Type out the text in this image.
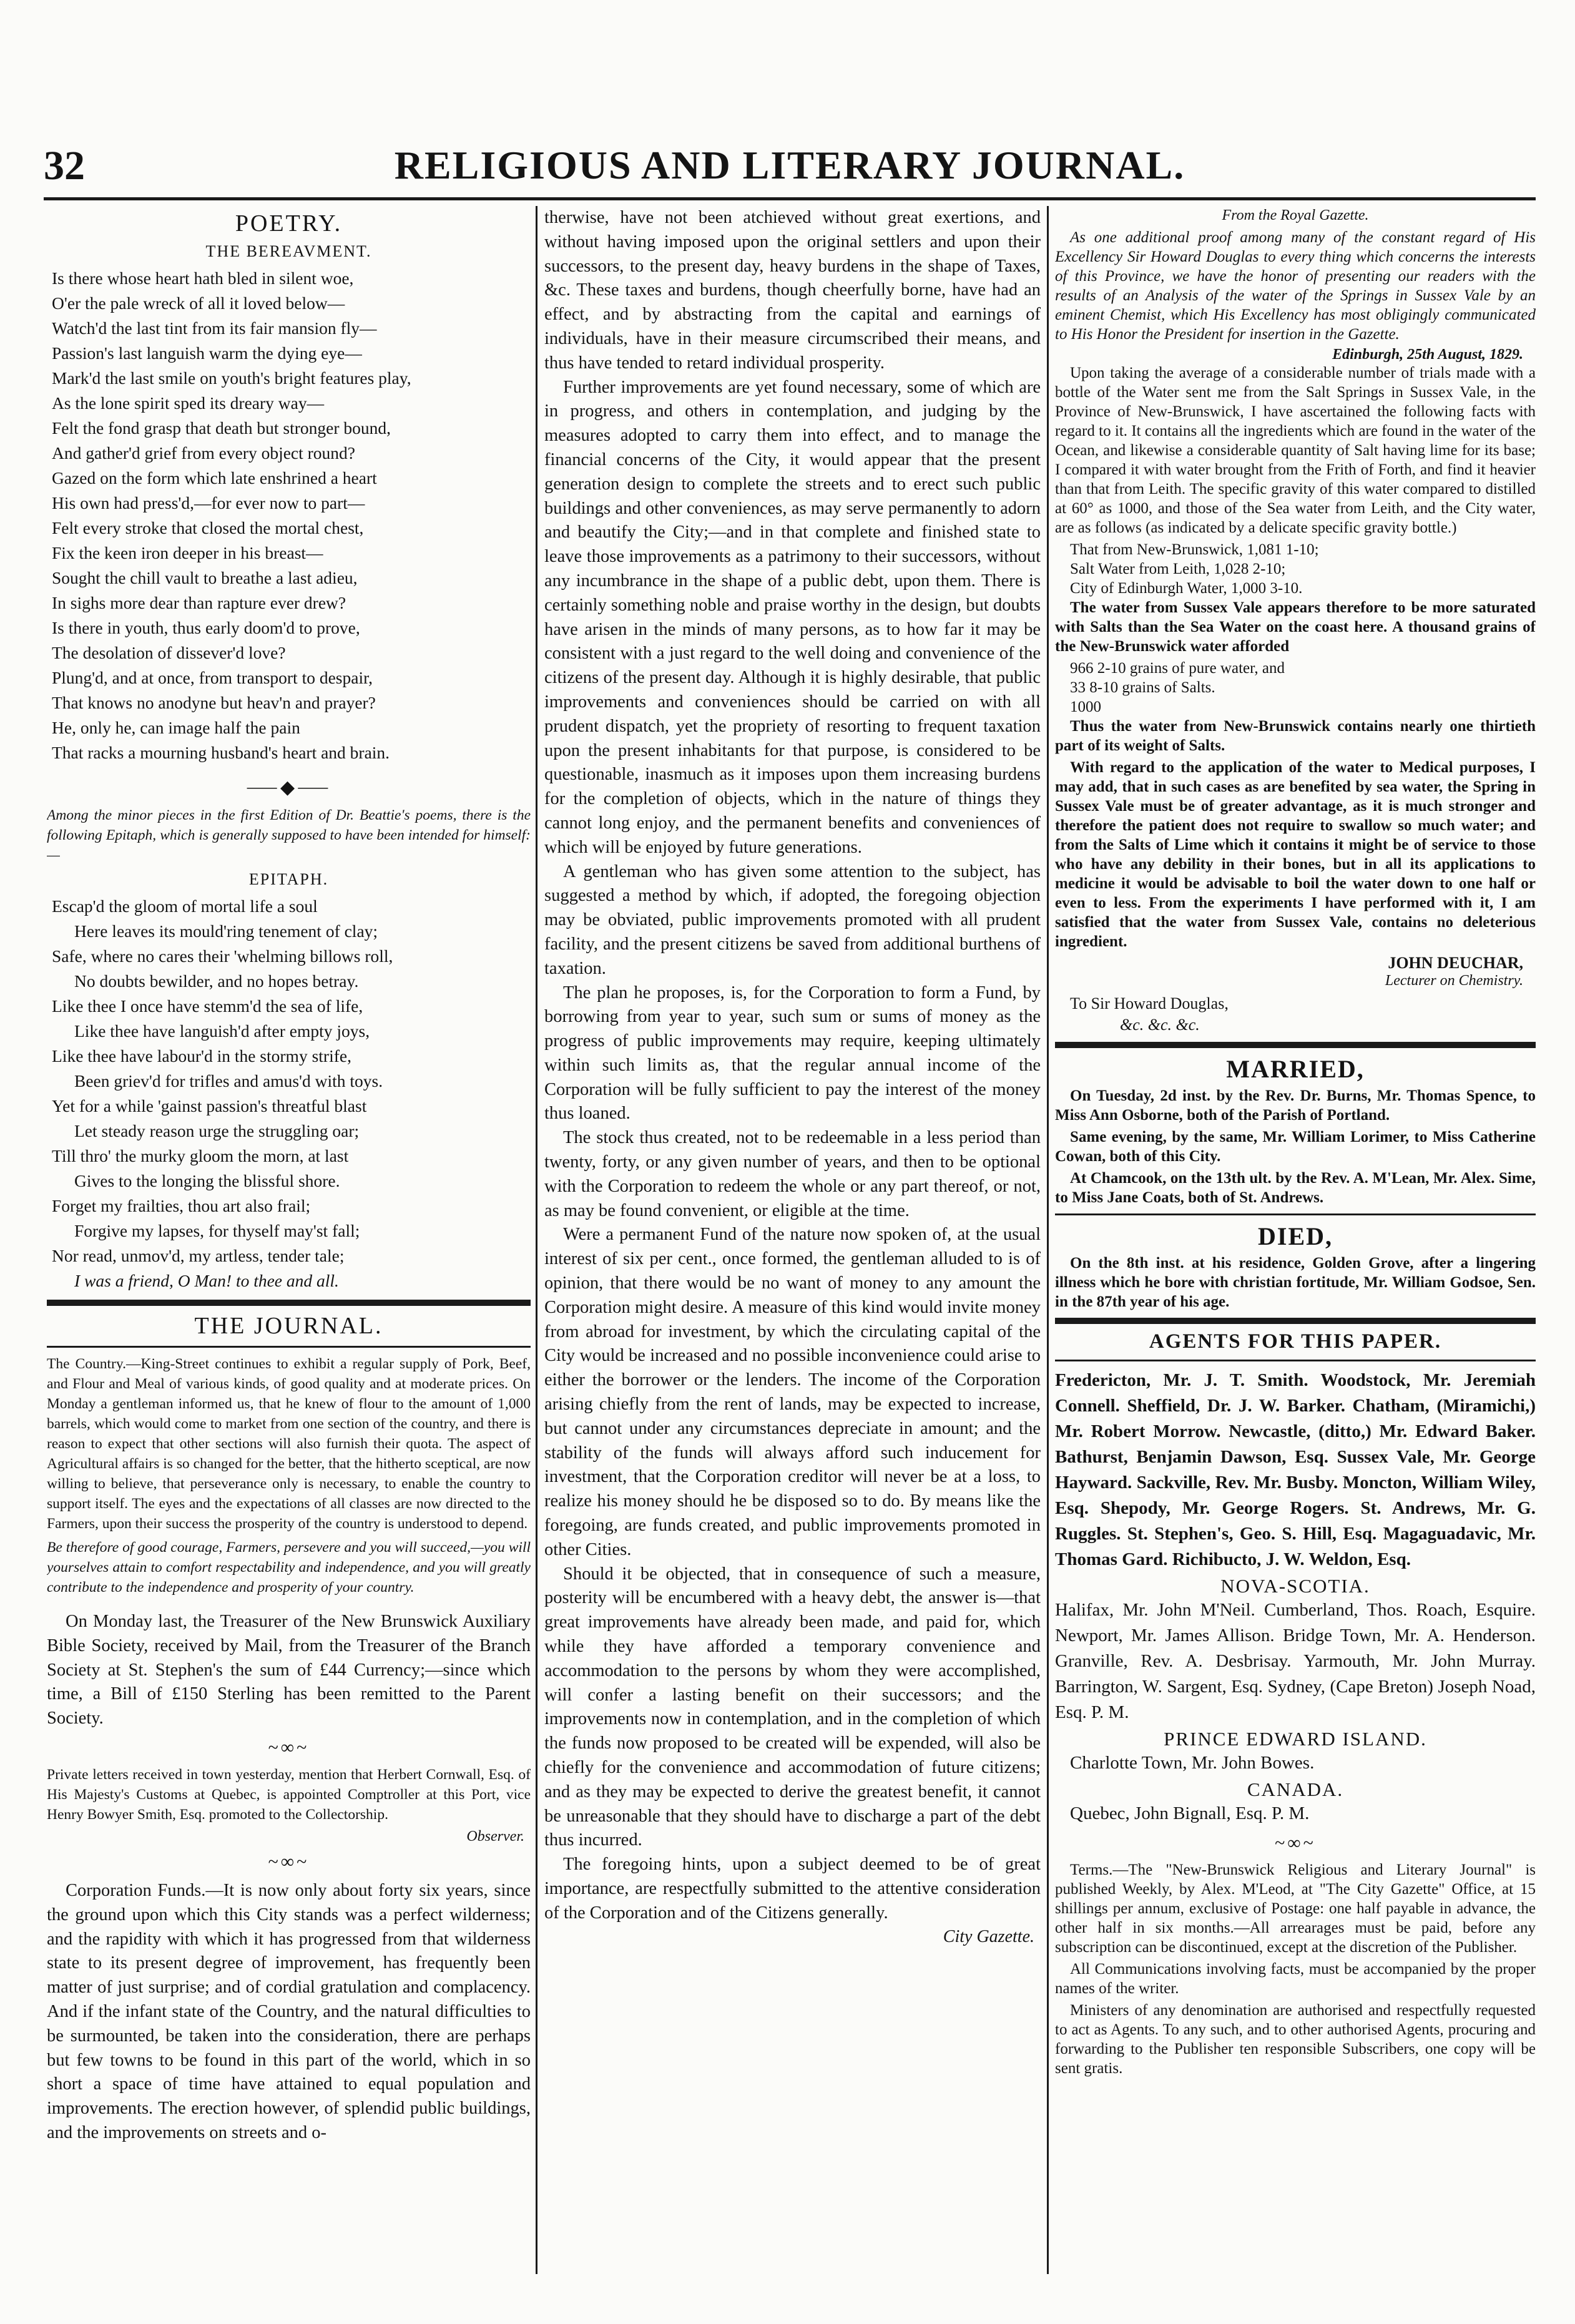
32	RELIGIOUS AND LITERARY JOURNAL.
POETRY.
THE BEREAVMENT.
Is there whose heart hath bled in silent woe,
O'er the pale wreck of all it loved below—
Watch'd the last tint from its fair mansion fly—
Passion's last languish warm the dying eye—
Mark'd the last smile on youth's bright features play,
As the lone spirit sped its dreary way—
Felt the fond grasp that death but stronger bound,
And gather'd grief from every object round?
Gazed on the form which late enshrined a heart
His own had press'd,—for ever now to part—
Felt every stroke that closed the mortal chest,
Fix the keen iron deeper in his breast—
Sought the chill vault to breathe a last adieu,
In sighs more dear than rapture ever drew?
Is there in youth, thus early doom'd to prove,
The desolation of dissever'd love?
Plung'd, and at once, from transport to despair,
That knows no anodyne but heav'n and prayer?
He, only he, can image half the pain
That racks a mourning husband's heart and brain.
⸺◆⸺

Among the minor pieces in the first Edition of Dr. Beattie's poems, there is the following Epitaph, which is generally supposed to have been intended for himself:—

EPITAPH.
Escap'd the gloom of mortal life a soul
Here leaves its mould'ring tenement of clay;
Safe, where no cares their 'whelming billows roll,
No doubts bewilder, and no hopes betray.
Like thee I once have stemm'd the sea of life,
Like thee have languish'd after empty joys,
Like thee have labour'd in the stormy strife,
Been griev'd for trifles and amus'd with toys.
Yet for a while 'gainst passion's threatful blast
Let steady reason urge the struggling oar;
Till thro' the murky gloom the morn, at last
Gives to the longing the blissful shore.
Forget my frailties, thou art also frail;
Forgive my lapses, for thyself may'st fall;
Nor read, unmov'd, my artless, tender tale;
I was a friend, O Man! to thee and all.
THE JOURNAL.

The Country.—King-Street continues to exhibit a regular supply of Pork, Beef, and Flour and Meal of various kinds, of good quality and at moderate prices. On Monday a gentleman informed us, that he knew of flour to the amount of 1,000 barrels, which would come to market from one section of the country, and there is reason to expect that other sections will also furnish their quota. The aspect of Agricultural affairs is so changed for the better, that the hitherto sceptical, are now willing to believe, that perseverance only is necessary, to enable the country to support itself. The eyes and the expectations of all classes are now directed to the Farmers, upon their success the prosperity of the country is understood to depend.

Be therefore of good courage, Farmers, persevere and you will succeed,—you will yourselves attain to comfort respectability and independence, and you will greatly contribute to the independence and prosperity of your country.

On Monday last, the Treasurer of the New Brunswick Auxiliary Bible Society, received by Mail, from the Treasurer of the Branch Society at St. Stephen's the sum of £44 Currency;—since which time, a Bill of £150 Sterling has been remitted to the Parent Society.

~∞~

Private letters received in town yesterday, mention that Herbert Cornwall, Esq. of His Majesty's Customs at Quebec, is appointed Comptroller at this Port, vice Henry Bowyer Smith, Esq. promoted to the Collectorship.

Observer.
~∞~

Corporation Funds.—It is now only about forty six years, since the ground upon which this City stands was a perfect wilderness; and the rapidity with which it has progressed from that wilderness state to its present degree of improvement, has frequently been matter of just surprise; and of cordial gratulation and complacency. And if the infant state of the Country, and the natural difficulties to be surmounted, be taken into the consideration, there are perhaps but few towns to be found in this part of the world, which in so short a space of time have attained to equal population and improvements. The erection however, of splendid public buildings, and the improvements on streets and o-

therwise, have not been atchieved without great exertions, and without having imposed upon the original settlers and upon their successors, to the present day, heavy burdens in the shape of Taxes, &c. These taxes and burdens, though cheerfully borne, have had an effect, and by abstracting from the capital and earnings of individuals, have in their measure circumscribed their means, and thus have tended to retard individual prosperity.

Further improvements are yet found necessary, some of which are in progress, and others in contemplation, and judging by the measures adopted to carry them into effect, and to manage the financial concerns of the City, it would appear that the present generation design to complete the streets and to erect such public buildings and other conveniences, as may serve permanently to adorn and beautify the City;—and in that complete and finished state to leave those improvements as a patrimony to their successors, without any incumbrance in the shape of a public debt, upon them. There is certainly something noble and praise worthy in the design, but doubts have arisen in the minds of many persons, as to how far it may be consistent with a just regard to the well doing and convenience of the citizens of the present day. Although it is highly desirable, that public improvements and conveniences should be carried on with all prudent dispatch, yet the propriety of resorting to frequent taxation upon the present inhabitants for that purpose, is considered to be questionable, inasmuch as it imposes upon them increasing burdens for the completion of objects, which in the nature of things they cannot long enjoy, and the permanent benefits and conveniences of which will be enjoyed by future generations.

A gentleman who has given some attention to the subject, has suggested a method by which, if adopted, the foregoing objection may be obviated, public improvements promoted with all prudent facility, and the present citizens be saved from additional burthens of taxation.

The plan he proposes, is, for the Corporation to form a Fund, by borrowing from year to year, such sum or sums of money as the progress of public improvements may require, keeping ultimately within such limits as, that the regular annual income of the Corporation will be fully sufficient to pay the interest of the money thus loaned.

The stock thus created, not to be redeemable in a less period than twenty, forty, or any given number of years, and then to be optional with the Corporation to redeem the whole or any part thereof, or not, as may be found convenient, or eligible at the time.

Were a permanent Fund of the nature now spoken of, at the usual interest of six per cent., once formed, the gentleman alluded to is of opinion, that there would be no want of money to any amount the Corporation might desire. A measure of this kind would invite money from abroad for investment, by which the circulating capital of the City would be increased and no possible inconvenience could arise to either the borrower or the lenders. The income of the Corporation arising chiefly from the rent of lands, may be expected to increase, but cannot under any circumstances depreciate in amount; and the stability of the funds will always afford such inducement for investment, that the Corporation creditor will never be at a loss, to realize his money should he be disposed so to do. By means like the foregoing, are funds created, and public improvements promoted in other Cities.

Should it be objected, that in consequence of such a measure, posterity will be encumbered with a heavy debt, the answer is—that great improvements have already been made, and paid for, which while they have afforded a temporary convenience and accommodation to the persons by whom they were accomplished, will confer a lasting benefit on their successors; and the improvements now in contemplation, and in the completion of which the funds now proposed to be created will be expended, will also be chiefly for the convenience and accommodation of future citizens; and as they may be expected to derive the greatest benefit, it cannot be unreasonable that they should have to discharge a part of the debt thus incurred.

The foregoing hints, upon a subject deemed to be of great importance, are respectfully submitted to the attentive consideration of the Corporation and of the Citizens generally.

City Gazette.
From the Royal Gazette.

As one additional proof among many of the constant regard of His Excellency Sir Howard Douglas to every thing which concerns the interests of this Province, we have the honor of presenting our readers with the results of an Analysis of the water of the Springs in Sussex Vale by an eminent Chemist, which His Excellency has most obligingly communicated to His Honor the President for insertion in the Gazette.

Edinburgh, 25th August, 1829.

Upon taking the average of a considerable number of trials made with a bottle of the Water sent me from the Salt Springs in Sussex Vale, in the Province of New-Brunswick, I have ascertained the following facts with regard to it. It contains all the ingredients which are found in the water of the Ocean, and likewise a considerable quantity of Salt having lime for its base; I compared it with water brought from the Frith of Forth, and find it heavier than that from Leith. The specific gravity of this water compared to distilled at 60° as 1000, and those of the Sea water from Leith, and the City water, are as follows (as indicated by a delicate specific gravity bottle.)

That from New-Brunswick, 1,081 1-10;
Salt Water from Leith, 1,028 2-10;
City of Edinburgh Water, 1,000 3-10.

The water from Sussex Vale appears therefore to be more saturated with Salts than the Sea Water on the coast here. A thousand grains of the New-Brunswick water afforded

966 2-10 grains of pure water, and
33 8-10 grains of Salts.
1000

Thus the water from New-Brunswick contains nearly one thirtieth part of its weight of Salts.

With regard to the application of the water to Medical purposes, I may add, that in such cases as are benefited by sea water, the Spring in Sussex Vale must be of greater advantage, as it is much stronger and therefore the patient does not require to swallow so much water; and from the Salts of Lime which it contains it might be of service to those who have any debility in their bones, but in all its applications to medicine it would be advisable to boil the water down to one half or even to less. From the experiments I have performed with it, I am satisfied that the water from Sussex Vale, contains no deleterious ingredient.

JOHN DEUCHAR,
Lecturer on Chemistry.
To Sir Howard Douglas,
&c. &c. &c.
MARRIED,

On Tuesday, 2d inst. by the Rev. Dr. Burns, Mr. Thomas Spence, to Miss Ann Osborne, both of the Parish of Portland.

Same evening, by the same, Mr. William Lorimer, to Miss Catherine Cowan, both of this City.

At Chamcook, on the 13th ult. by the Rev. A. M'Lean, Mr. Alex. Sime, to Miss Jane Coats, both of St. Andrews.

DIED,

On the 8th inst. at his residence, Golden Grove, after a lingering illness which he bore with christian fortitude, Mr. William Godsoe, Sen. in the 87th year of his age.

AGENTS FOR THIS PAPER.

Fredericton, Mr. J. T. Smith. Woodstock, Mr. Jeremiah Connell. Sheffield, Dr. J. W. Barker. Chatham, (Miramichi,) Mr. Robert Morrow. Newcastle, (ditto,) Mr. Edward Baker. Bathurst, Benjamin Dawson, Esq. Sussex Vale, Mr. George Hayward. Sackville, Rev. Mr. Busby. Moncton, William Wiley, Esq. Shepody, Mr. George Rogers. St. Andrews, Mr. G. Ruggles. St. Stephen's, Geo. S. Hill, Esq. Magaguadavic, Mr. Thomas Gard. Richibucto, J. W. Weldon, Esq.

NOVA-SCOTIA.

Halifax, Mr. John M'Neil. Cumberland, Thos. Roach, Esquire. Newport, Mr. James Allison. Bridge Town, Mr. A. Henderson. Granville, Rev. A. Desbrisay. Yarmouth, Mr. John Murray. Barrington, W. Sargent, Esq. Sydney, (Cape Breton) Joseph Noad, Esq. P. M.

PRINCE EDWARD ISLAND.

Charlotte Town, Mr. John Bowes.

CANADA.

Quebec, John Bignall, Esq. P. M.

~∞~

Terms.—The "New-Brunswick Religious and Literary Journal" is published Weekly, by Alex. M'Leod, at "The City Gazette" Office, at 15 shillings per annum, exclusive of Postage: one half payable in advance, the other half in six months.—All arrearages must be paid, before any subscription can be discontinued, except at the discretion of the Publisher.

All Communications involving facts, must be accompanied by the proper names of the writer.

Ministers of any denomination are authorised and respectfully requested to act as Agents. To any such, and to other authorised Agents, procuring and forwarding to the Publisher ten responsible Subscribers, one copy will be sent gratis.
